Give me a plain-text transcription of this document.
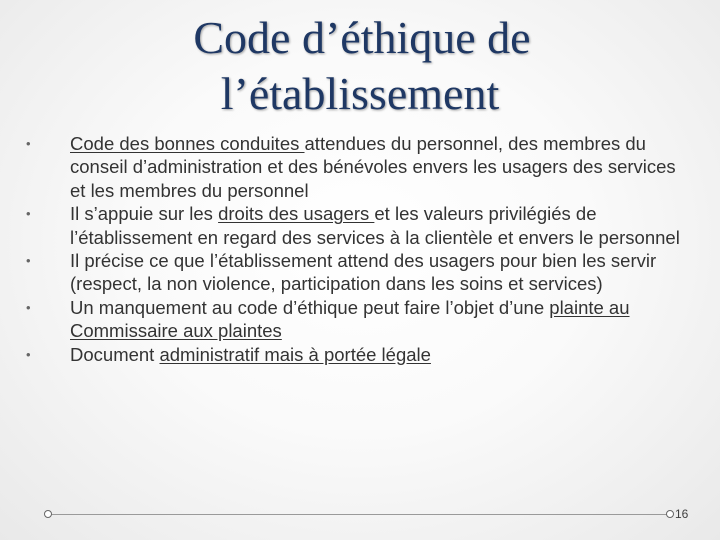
Code d’éthique de
l’établissement
•	Code des bonnes conduites attendues du personnel, des membres du conseil d’administration et des bénévoles envers les usagers des services et les membres du personnel
•	Il s’appuie sur les droits des usagers et les valeurs privilégiés de l’établissement en regard des services à la clientèle et envers le personnel
•	Il précise ce que l’établissement attend des usagers pour bien les servir (respect, la non violence, participation dans les soins et services)
•	Un manquement au code d’éthique peut faire l’objet d’une plainte au Commissaire aux plaintes
•	Document administratif mais à portée légale
16
